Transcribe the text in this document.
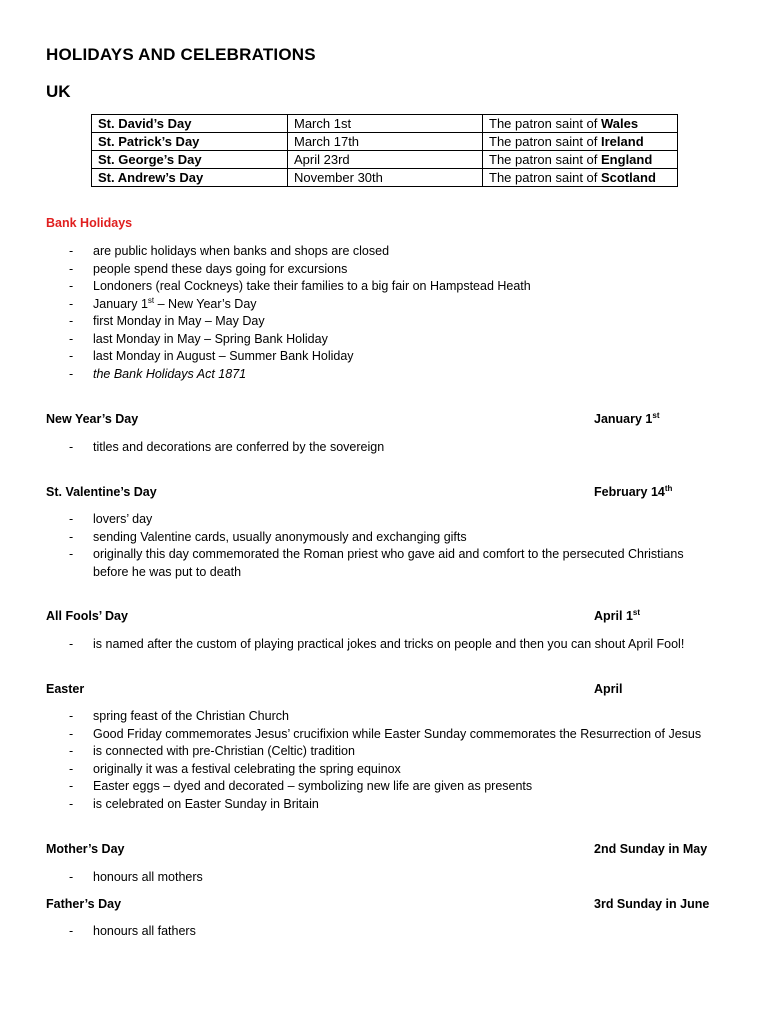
HOLIDAYS AND CELEBRATIONS
UK
St. David’s Day	March 1st	The patron saint of Wales
St. Patrick’s Day	March 17th	The patron saint of Ireland
St. George’s Day	April 23rd	The patron saint of England
St. Andrew’s Day	November 30th	The patron saint of Scotland

Bank Holidays

- are public holidays when banks and shops are closed
- people spend these days going for excursions
- Londoners (real Cockneys) take their families to a big fair on Hampstead Heath
- January 1st – New Year’s Day
- first Monday in May – May Day
- last Monday in May – Spring Bank Holiday
- last Monday in August – Summer Bank Holiday
- the Bank Holidays Act 1871
New Year’s Day	January 1st
- titles and decorations are conferred by the sovereign
St. Valentine’s Day	February 14th
- lovers’ day
- sending Valentine cards, usually anonymously and exchanging gifts
- originally this day commemorated the Roman priest who gave aid and comfort to the persecuted Christians before he was put to death
All Fools’ Day	April 1st
- is named after the custom of playing practical jokes and tricks on people and then you can shout April Fool!
Easter	April
- spring feast of the Christian Church
- Good Friday commemorates Jesus’ crucifixion while Easter Sunday commemorates the Resurrection of Jesus
- is connected with pre-Christian (Celtic) tradition
- originally it was a festival celebrating the spring equinox
- Easter eggs – dyed and decorated – symbolizing new life are given as presents
- is celebrated on Easter Sunday in Britain
Mother’s Day	2nd Sunday in May
- honours all mothers
Father’s Day	3rd Sunday in June
- honours all fathers
